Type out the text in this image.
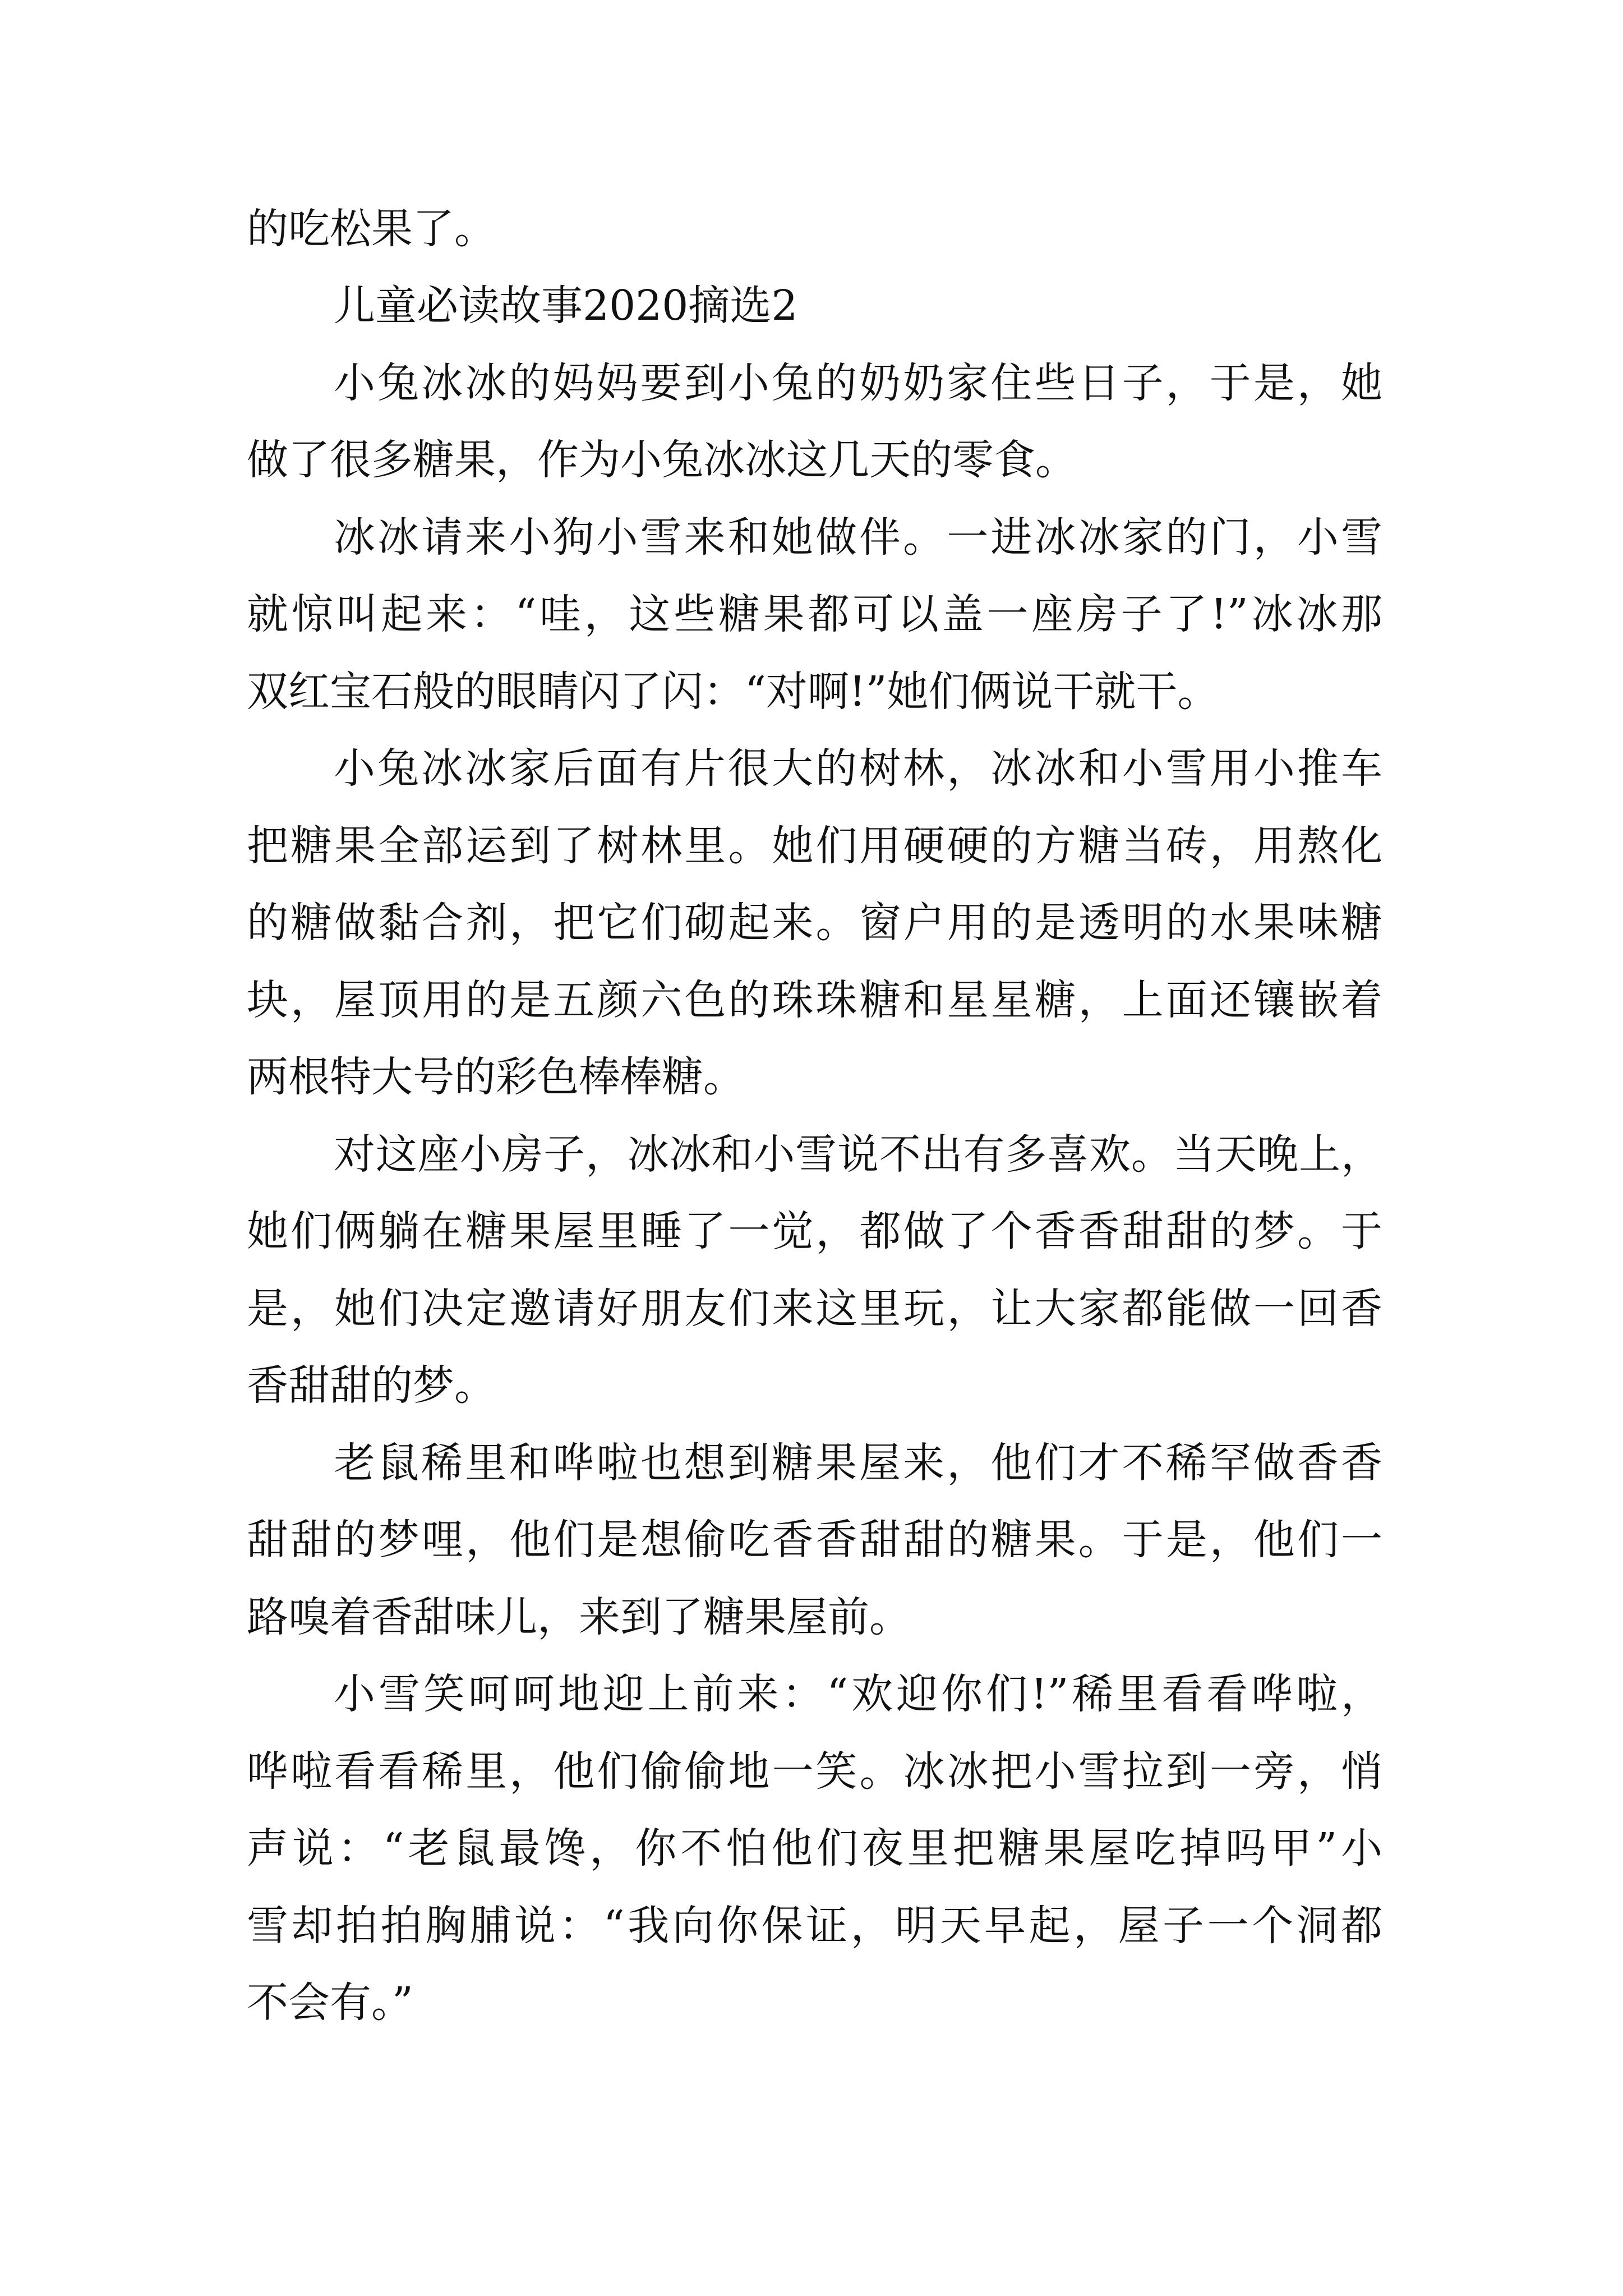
的吃松果了。
儿童必读故事2020摘选2
小兔冰冰的妈妈要到小兔的奶奶家住些日子，于是，她
做了很多糖果，作为小兔冰冰这几天的零食。
冰冰请来小狗小雪来和她做伴。一进冰冰家的门，小雪
就惊叫起来：“哇，这些糖果都可以盖一座房子了!”冰冰那
双红宝石般的眼睛闪了闪：“对啊!”她们俩说干就干。
小兔冰冰家后面有片很大的树林，冰冰和小雪用小推车
把糖果全部运到了树林里。她们用硬硬的方糖当砖，用熬化
的糖做黏合剂，把它们砌起来。窗户用的是透明的水果味糖
块，屋顶用的是五颜六色的珠珠糖和星星糖，上面还镶嵌着
两根特大号的彩色棒棒糖。
对这座小房子，冰冰和小雪说不出有多喜欢。当天晚上，
她们俩躺在糖果屋里睡了一觉，都做了个香香甜甜的梦。于
是，她们决定邀请好朋友们来这里玩，让大家都能做一回香
香甜甜的梦。
老鼠稀里和哗啦也想到糖果屋来，他们才不稀罕做香香
甜甜的梦哩，他们是想偷吃香香甜甜的糖果。于是，他们一
路嗅着香甜味儿，来到了糖果屋前。
小雪笑呵呵地迎上前来：“欢迎你们!”稀里看看哗啦，
哗啦看看稀里，他们偷偷地一笑。冰冰把小雪拉到一旁，悄
声说：“老鼠最馋，你不怕他们夜里把糖果屋吃掉吗甲”小
雪却拍拍胸脯说：“我向你保证，明天早起，屋子一个洞都
不会有。”
